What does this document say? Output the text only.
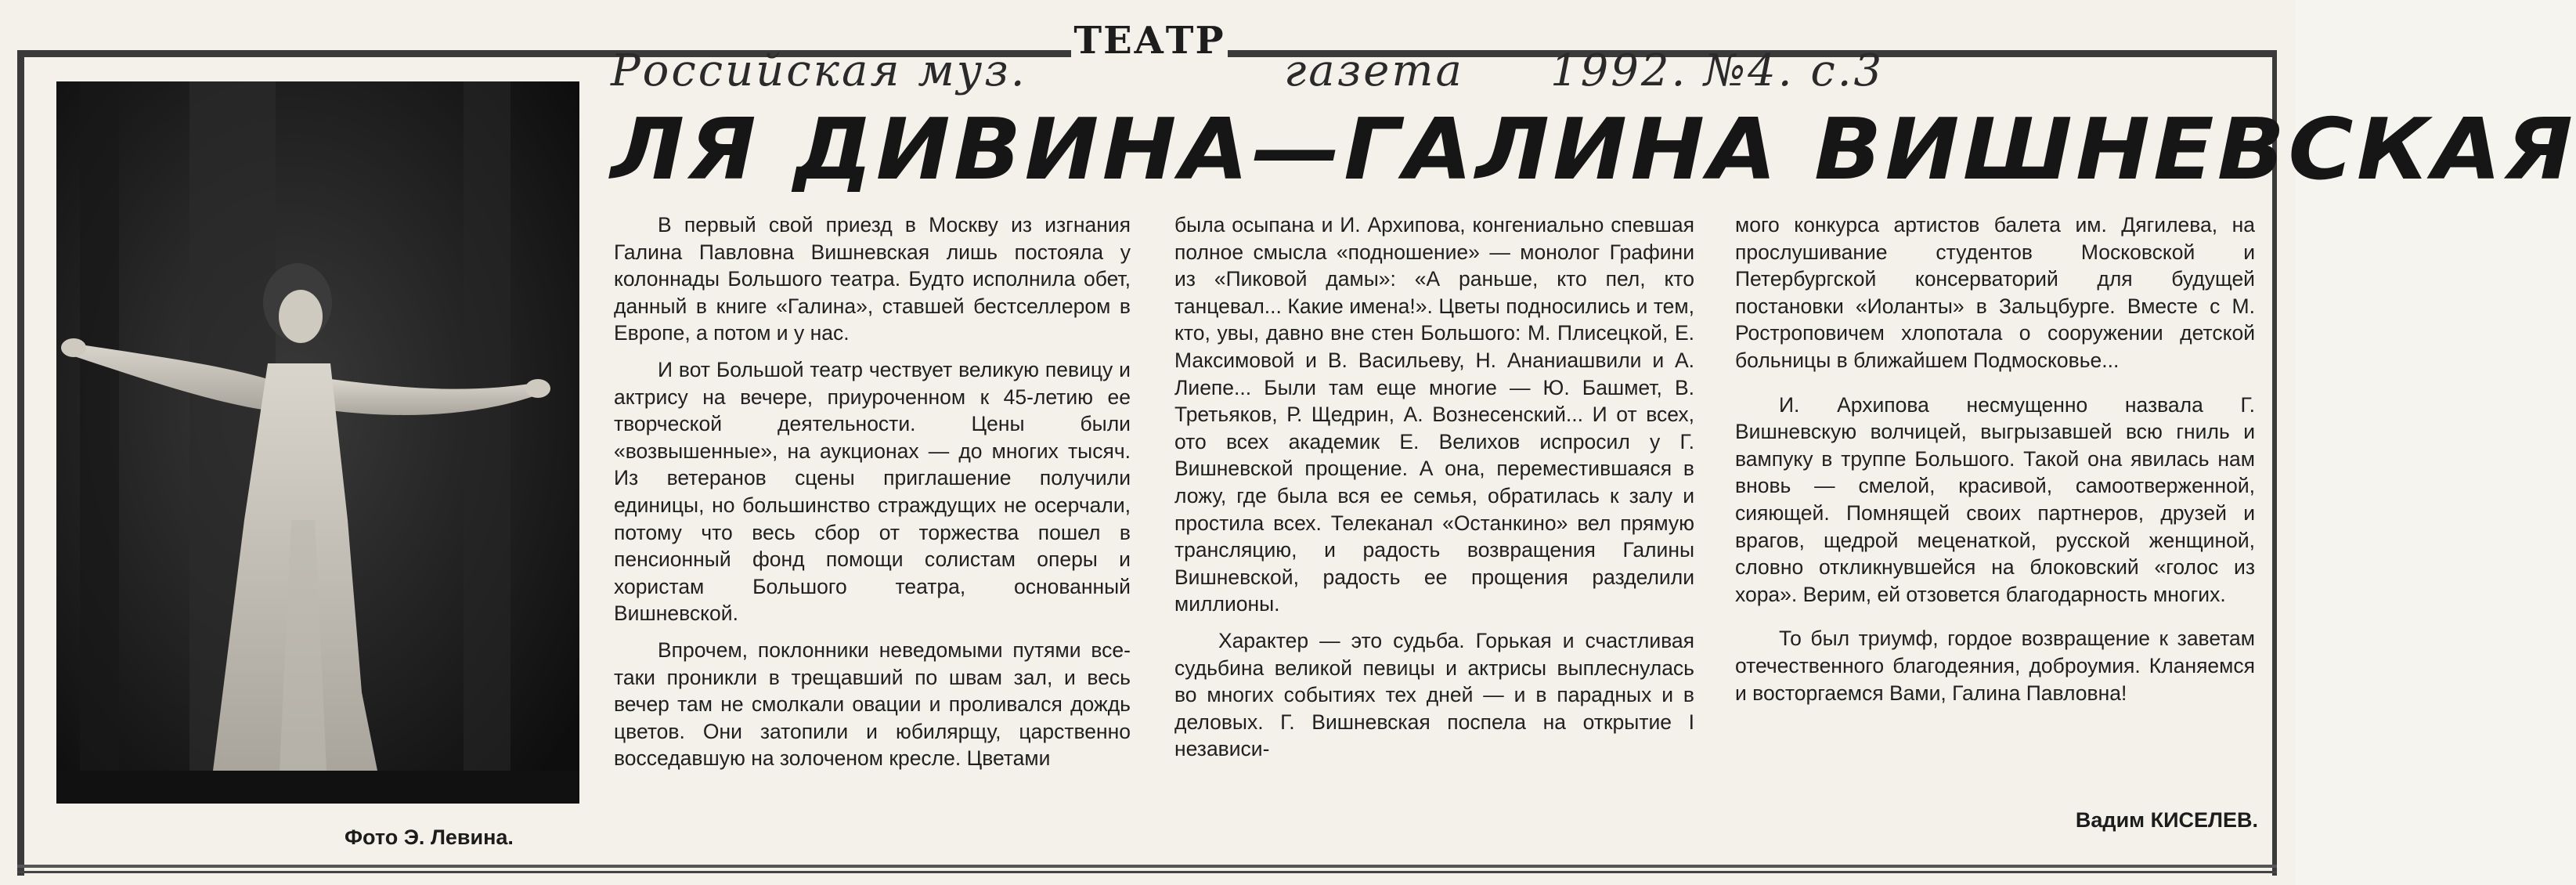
ТЕАТР
Российская муз.	газета 1992. №4. с.3
Фото Э. Левина.
ЛЯ ДИВИНА—ГАЛИНА ВИШНЕВСКАЯ

В первый свой приезд в Москву из изгнания Галина Павловна Вишневская лишь постояла у колоннады Большого театра. Будто исполнила обет, данный в книге «Галина», ставшей бестселлером в Европе, а потом и у нас.

И вот Большой театр чествует великую певицу и актрису на вечере, приуроченном к 45-летию ее творческой деятельности. Цены были «возвышенные», на аукционах — до многих тысяч. Из ветеранов сцены приглашение получили единицы, но большинство страждущих не осерчали, потому что весь сбор от торжества пошел в пенсионный фонд помощи солистам оперы и хористам Большого театра, основанный Вишневской.

Впрочем, поклонники неведомыми путями все-таки проникли в трещавший по швам зал, и весь вечер там не смолкали овации и проливался дождь цветов. Они затопили и юбилярщу, царственно восседавшую на золоченом кресле. Цветами

была осыпана и И. Архипова, конгениально спевшая полное смысла «подношение» — монолог Графини из «Пиковой дамы»: «А раньше, кто пел, кто танцевал... Какие имена!». Цветы подносились и тем, кто, увы, давно вне стен Большого: М. Плисецкой, Е. Максимовой и В. Васильеву, Н. Ананиашвили и А. Лиепе... Были там еще многие — Ю. Башмет, В. Третьяков, Р. Щедрин, А. Вознесенский... И от всех, ото всех академик Е. Велихов испросил у Г. Вишневской прощение. А она, переместившаяся в ложу, где была вся ее семья, обратилась к залу и простила всех. Телеканал «Останкино» вел прямую трансляцию, и радость возвращения Галины Вишневской, радость ее прощения разделили миллионы.

Характер — это судьба. Горькая и счастливая судьбина великой певицы и актрисы выплеснулась во многих событиях тех дней — и в парадных и в деловых. Г. Вишневская поспела на открытие I независи-

мого конкурса артистов балета им. Дягилева, на прослушивание студентов Московской и Петербургской консерваторий для будущей постановки «Иоланты» в Зальцбурге. Вместе с М. Ростроповичем хлопотала о сооружении детской больницы в ближайшем Подмосковье...

И. Архипова несмущенно назвала Г. Вишневскую волчицей, выгрызавшей всю гниль и вампуку в труппе Большого. Такой она явилась нам вновь — смелой, красивой, самоотверженной, сияющей. Помнящей своих партнеров, друзей и врагов, щедрой меценаткой, русской женщиной, словно откликнувшейся на блоковский «голос из хора». Верим, ей отзовется благодарность многих.

То был триумф, гордое возвращение к заветам отечественного благодеяния, доброумия. Кланяемся и восторгаемся Вами, Галина Павловна!

Вадим КИСЕЛЕВ.
